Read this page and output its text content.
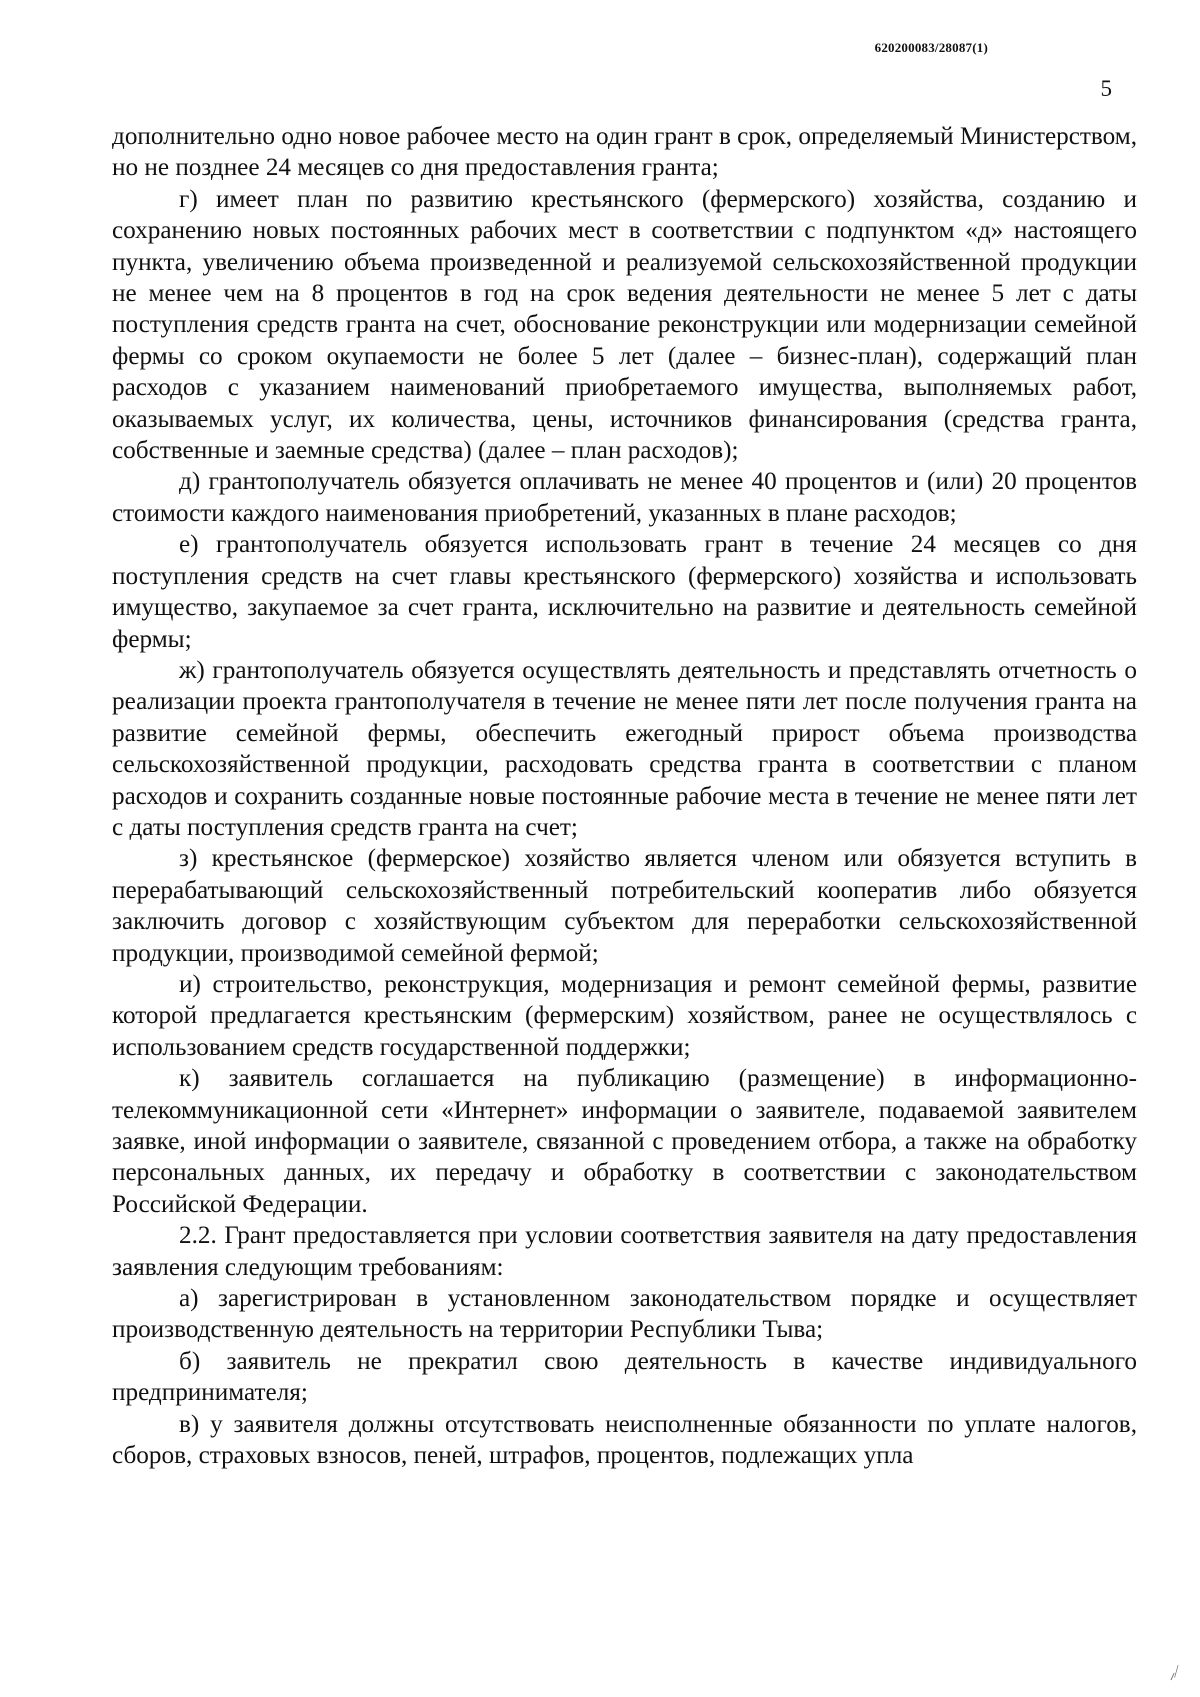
620200083/28087(1)
5

дополнительно одно новое рабочее место на один грант в срок, определяемый Министерством, но не позднее 24 месяцев со дня предоставления гранта;

г) имеет план по развитию крестьянского (фермерского) хозяйства, созданию и сохранению новых постоянных рабочих мест в соответствии с подпунктом «д» настоящего пункта, увеличению объема произведенной и реализуемой сельскохозяйственной продукции не менее чем на 8 процентов в год на срок ведения деятельности не менее 5 лет с даты поступления средств гранта на счет, обоснование реконструкции или модернизации семейной фермы со сроком окупаемости не более 5 лет (далее – бизнес-план), содержащий план расходов с указанием наименований приобретаемого имущества, выполняемых работ, оказываемых услуг, их количества, цены, источников финансирования (средства гранта, собственные и заемные средства) (далее – план расходов);

д) грантополучатель обязуется оплачивать не менее 40 процентов и (или) 20 процентов стоимости каждого наименования приобретений, указанных в плане расходов;

е) грантополучатель обязуется использовать грант в течение 24 месяцев со дня поступления средств на счет главы крестьянского (фермерского) хозяйства и использовать имущество, закупаемое за счет гранта, исключительно на развитие и деятельность семейной фермы;

ж) грантополучатель обязуется осуществлять деятельность и представлять отчетность о реализации проекта грантополучателя в течение не менее пяти лет после получения гранта на развитие семейной фермы, обеспечить ежегодный прирост объема производства сельскохозяйственной продукции, расходовать средства гранта в соответствии с планом расходов и сохранить созданные новые постоянные рабочие места в течение не менее пяти лет с даты поступления средств гранта на счет;

з) крестьянское (фермерское) хозяйство является членом или обязуется вступить в перерабатывающий сельскохозяйственный потребительский кооператив либо обязуется заключить договор с хозяйствующим субъектом для переработки сельскохозяйственной продукции, производимой семейной фермой;

и) строительство, реконструкция, модернизация и ремонт семейной фермы, развитие которой предлагается крестьянским (фермерским) хозяйством, ранее не осуществлялось с использованием средств государственной поддержки;

к) заявитель соглашается на публикацию (размещение) в информационно-телекоммуникационной сети «Интернет» информации о заявителе, подаваемой заявителем заявке, иной информации о заявителе, связанной с проведением отбора, а также на обработку персональных данных, их передачу и обработку в соответствии с законодательством Российской Федерации.

2.2. Грант предоставляется при условии соответствия заявителя на дату предоставления заявления следующим требованиям:

а) зарегистрирован в установленном законодательством порядке и осуществляет производственную деятельность на территории Республики Тыва;

б) заявитель не прекратил свою деятельность в качестве индивидуального предпринимателя;

в) у заявителя должны отсутствовать неисполненные обязанности по уплате налогов, сборов, страховых взносов, пеней, штрафов, процентов, подлежащих упла

⸝⁄
